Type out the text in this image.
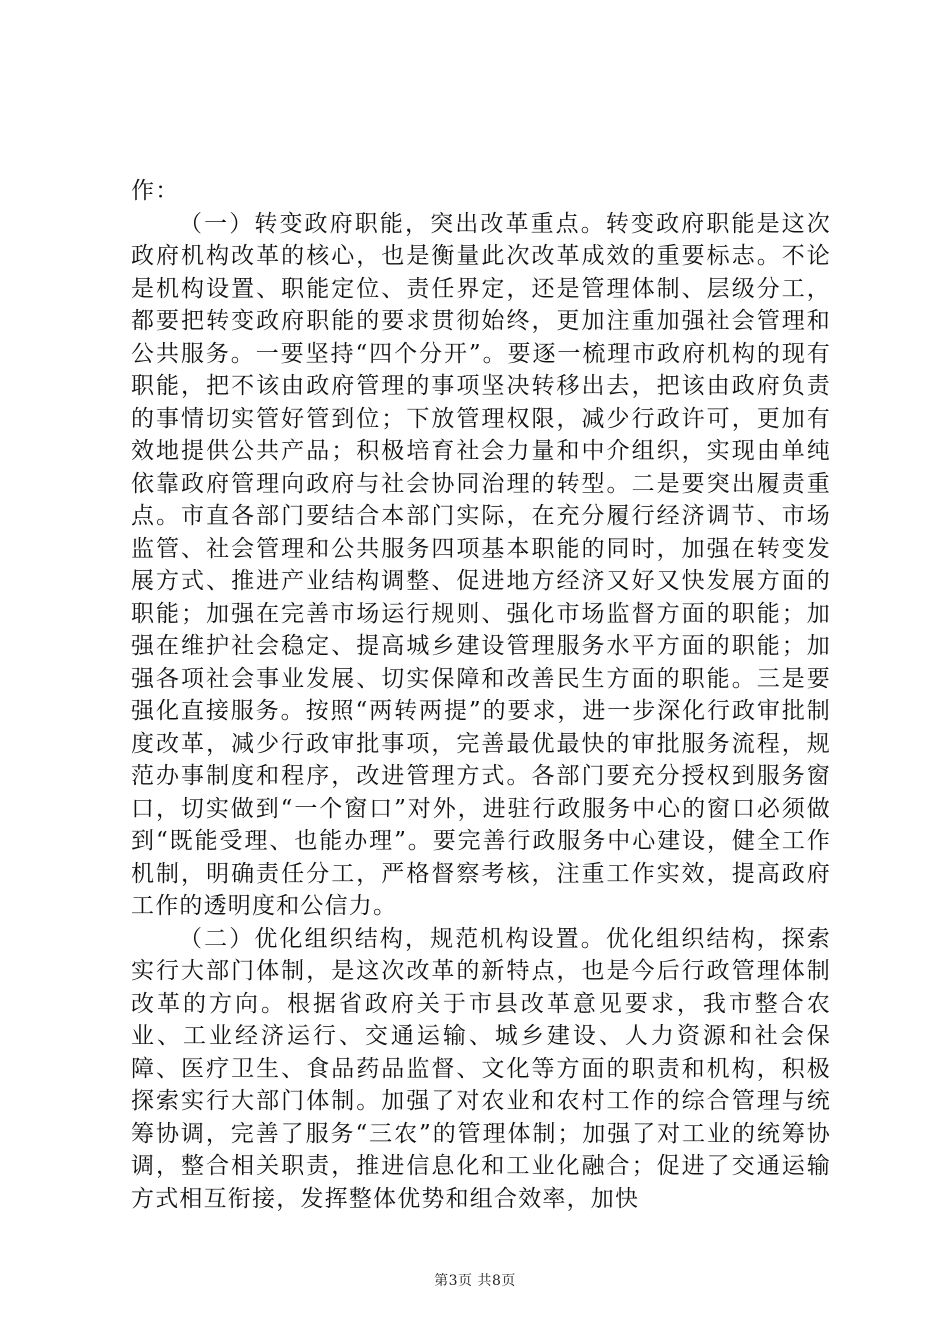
作：

（一）转变政府职能，突出改革重点。转变政府职能是这次政府机构改革的核心，也是衡量此次改革成效的重要标志。不论是机构设置、职能定位、责任界定，还是管理体制、层级分工，都要把转变政府职能的要求贯彻始终，更加注重加强社会管理和公共服务。一要坚持“四个分开”。要逐一梳理市政府机构的现有职能，把不该由政府管理的事项坚决转移出去，把该由政府负责的事情切实管好管到位；下放管理权限，减少行政许可，更加有效地提供公共产品；积极培育社会力量和中介组织，实现由单纯依靠政府管理向政府与社会协同治理的转型。二是要突出履责重点。市直各部门要结合本部门实际，在充分履行经济调节、市场监管、社会管理和公共服务四项基本职能的同时，加强在转变发展方式、推进产业结构调整、促进地方经济又好又快发展方面的职能；加强在完善市场运行规则、强化市场监督方面的职能；加强在维护社会稳定、提高城乡建设管理服务水平方面的职能；加强各项社会事业发展、切实保障和改善民生方面的职能。三是要强化直接服务。按照“两转两提”的要求，进一步深化行政审批制度改革，减少行政审批事项，完善最优最快的审批服务流程，规范办事制度和程序，改进管理方式。各部门要充分授权到服务窗口，切实做到“一个窗口”对外，进驻行政服务中心的窗口必须做到“既能受理、也能办理”。要完善行政服务中心建设，健全工作机制，明确责任分工，严格督察考核，注重工作实效，提高政府工作的透明度和公信力。

（二）优化组织结构，规范机构设置。优化组织结构，探索实行大部门体制，是这次改革的新特点，也是今后行政管理体制改革的方向。根据省政府关于市县改革意见要求，我市整合农业、工业经济运行、交通运输、城乡建设、人力资源和社会保障、医疗卫生、食品药品监督、文化等方面的职责和机构，积极探索实行大部门体制。加强了对农业和农村工作的综合管理与统筹协调，完善了服务“三农”的管理体制；加强了对工业的统筹协调，整合相关职责，推进信息化和工业化融合；促进了交通运输方式相互衔接，发挥整体优势和组合效率，加快

第3页 共8页
